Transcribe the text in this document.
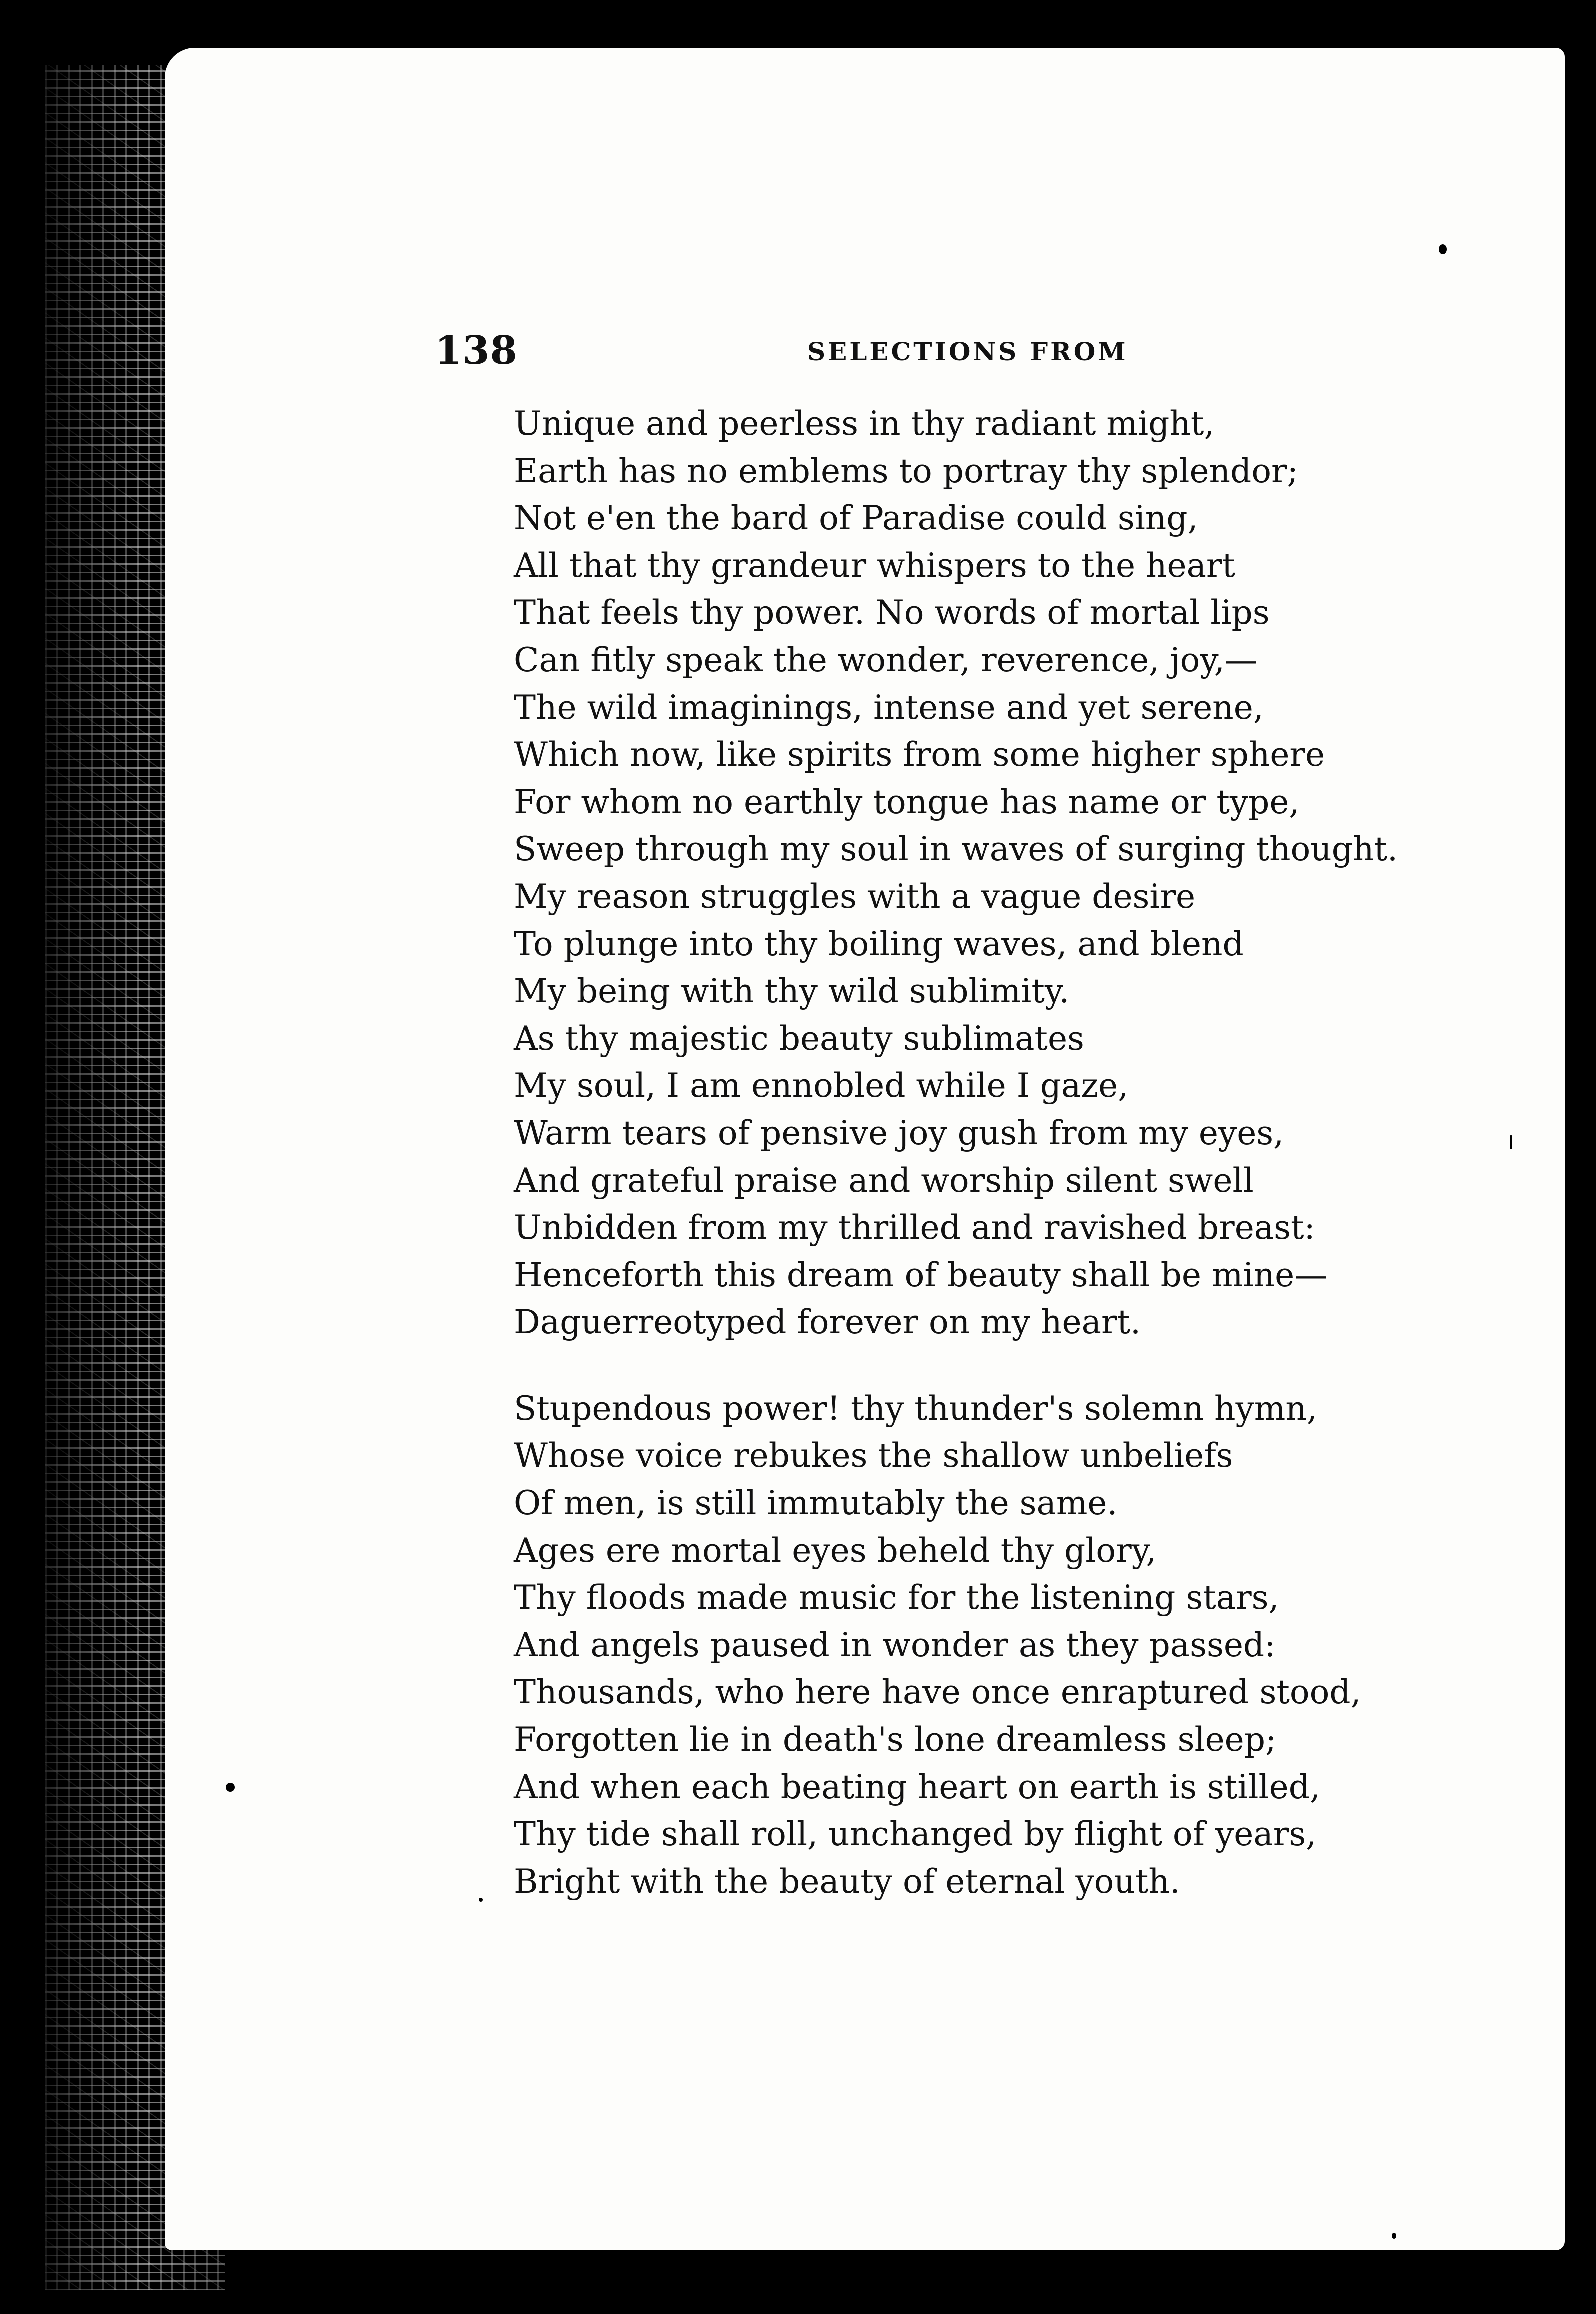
138	SELECTIONS FROM
Unique and peerless in thy radiant might,
Earth has no emblems to portray thy splendor;
Not e'en the bard of Paradise could sing,
All that thy grandeur whispers to the heart
That feels thy power. No words of mortal lips
Can fitly speak the wonder, reverence, joy,—
The wild imaginings, intense and yet serene,
Which now, like spirits from some higher sphere
For whom no earthly tongue has name or type,
Sweep through my soul in waves of surging thought.
My reason struggles with a vague desire
To plunge into thy boiling waves, and blend
My being with thy wild sublimity.
As thy majestic beauty sublimates
My soul, I am ennobled while I gaze,
Warm tears of pensive joy gush from my eyes,
And grateful praise and worship silent swell
Unbidden from my thrilled and ravished breast:
Henceforth this dream of beauty shall be mine—
Daguerreotyped forever on my heart.
Stupendous power! thy thunder's solemn hymn,
Whose voice rebukes the shallow unbeliefs
Of men, is still immutably the same.
Ages ere mortal eyes beheld thy glory,
Thy floods made music for the listening stars,
And angels paused in wonder as they passed:
Thousands, who here have once enraptured stood,
Forgotten lie in death's lone dreamless sleep;
And when each beating heart on earth is stilled,
Thy tide shall roll, unchanged by flight of years,
Bright with the beauty of eternal youth.
